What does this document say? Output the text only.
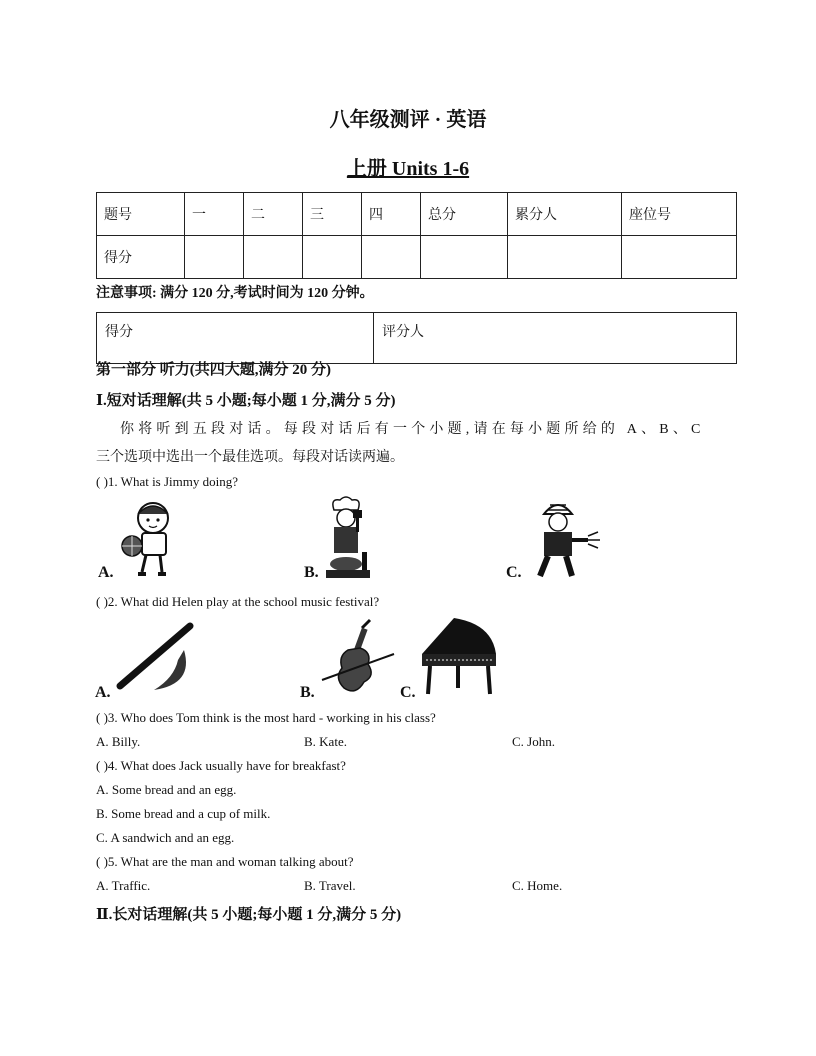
八年级测评 · 英语
上册 Units 1-6
题号	一	二	三	四	总分	累分人	座位号
得分							
注意事项: 满分 120 分,考试时间为 120 分钟。
得分	评分人
第一部分 听力(共四大题,满分 20 分)
Ⅰ.短对话理解(共 5 小题;每小题 1 分,满分 5 分)
你将听到五段对话。每段对话后有一个小题,请在每小题所给的 A、B、C
三个选项中选出一个最佳选项。每段对话读两遍。
( )1. What is Jimmy doing?
A.	B.	C.
( )2. What did Helen play at the school music festival?
A.	B.	C.
( )3. Who does Tom think is the most hard - working in his class?
A. Billy.	B. Kate.	C. John.
( )4. What does Jack usually have for breakfast?
A. Some bread and an egg.
B. Some bread and a cup of milk.
C. A sandwich and an egg.
( )5. What are the man and woman talking about?
A. Traffic.	B. Travel.	C. Home.
Ⅱ.长对话理解(共 5 小题;每小题 1 分,满分 5 分)
